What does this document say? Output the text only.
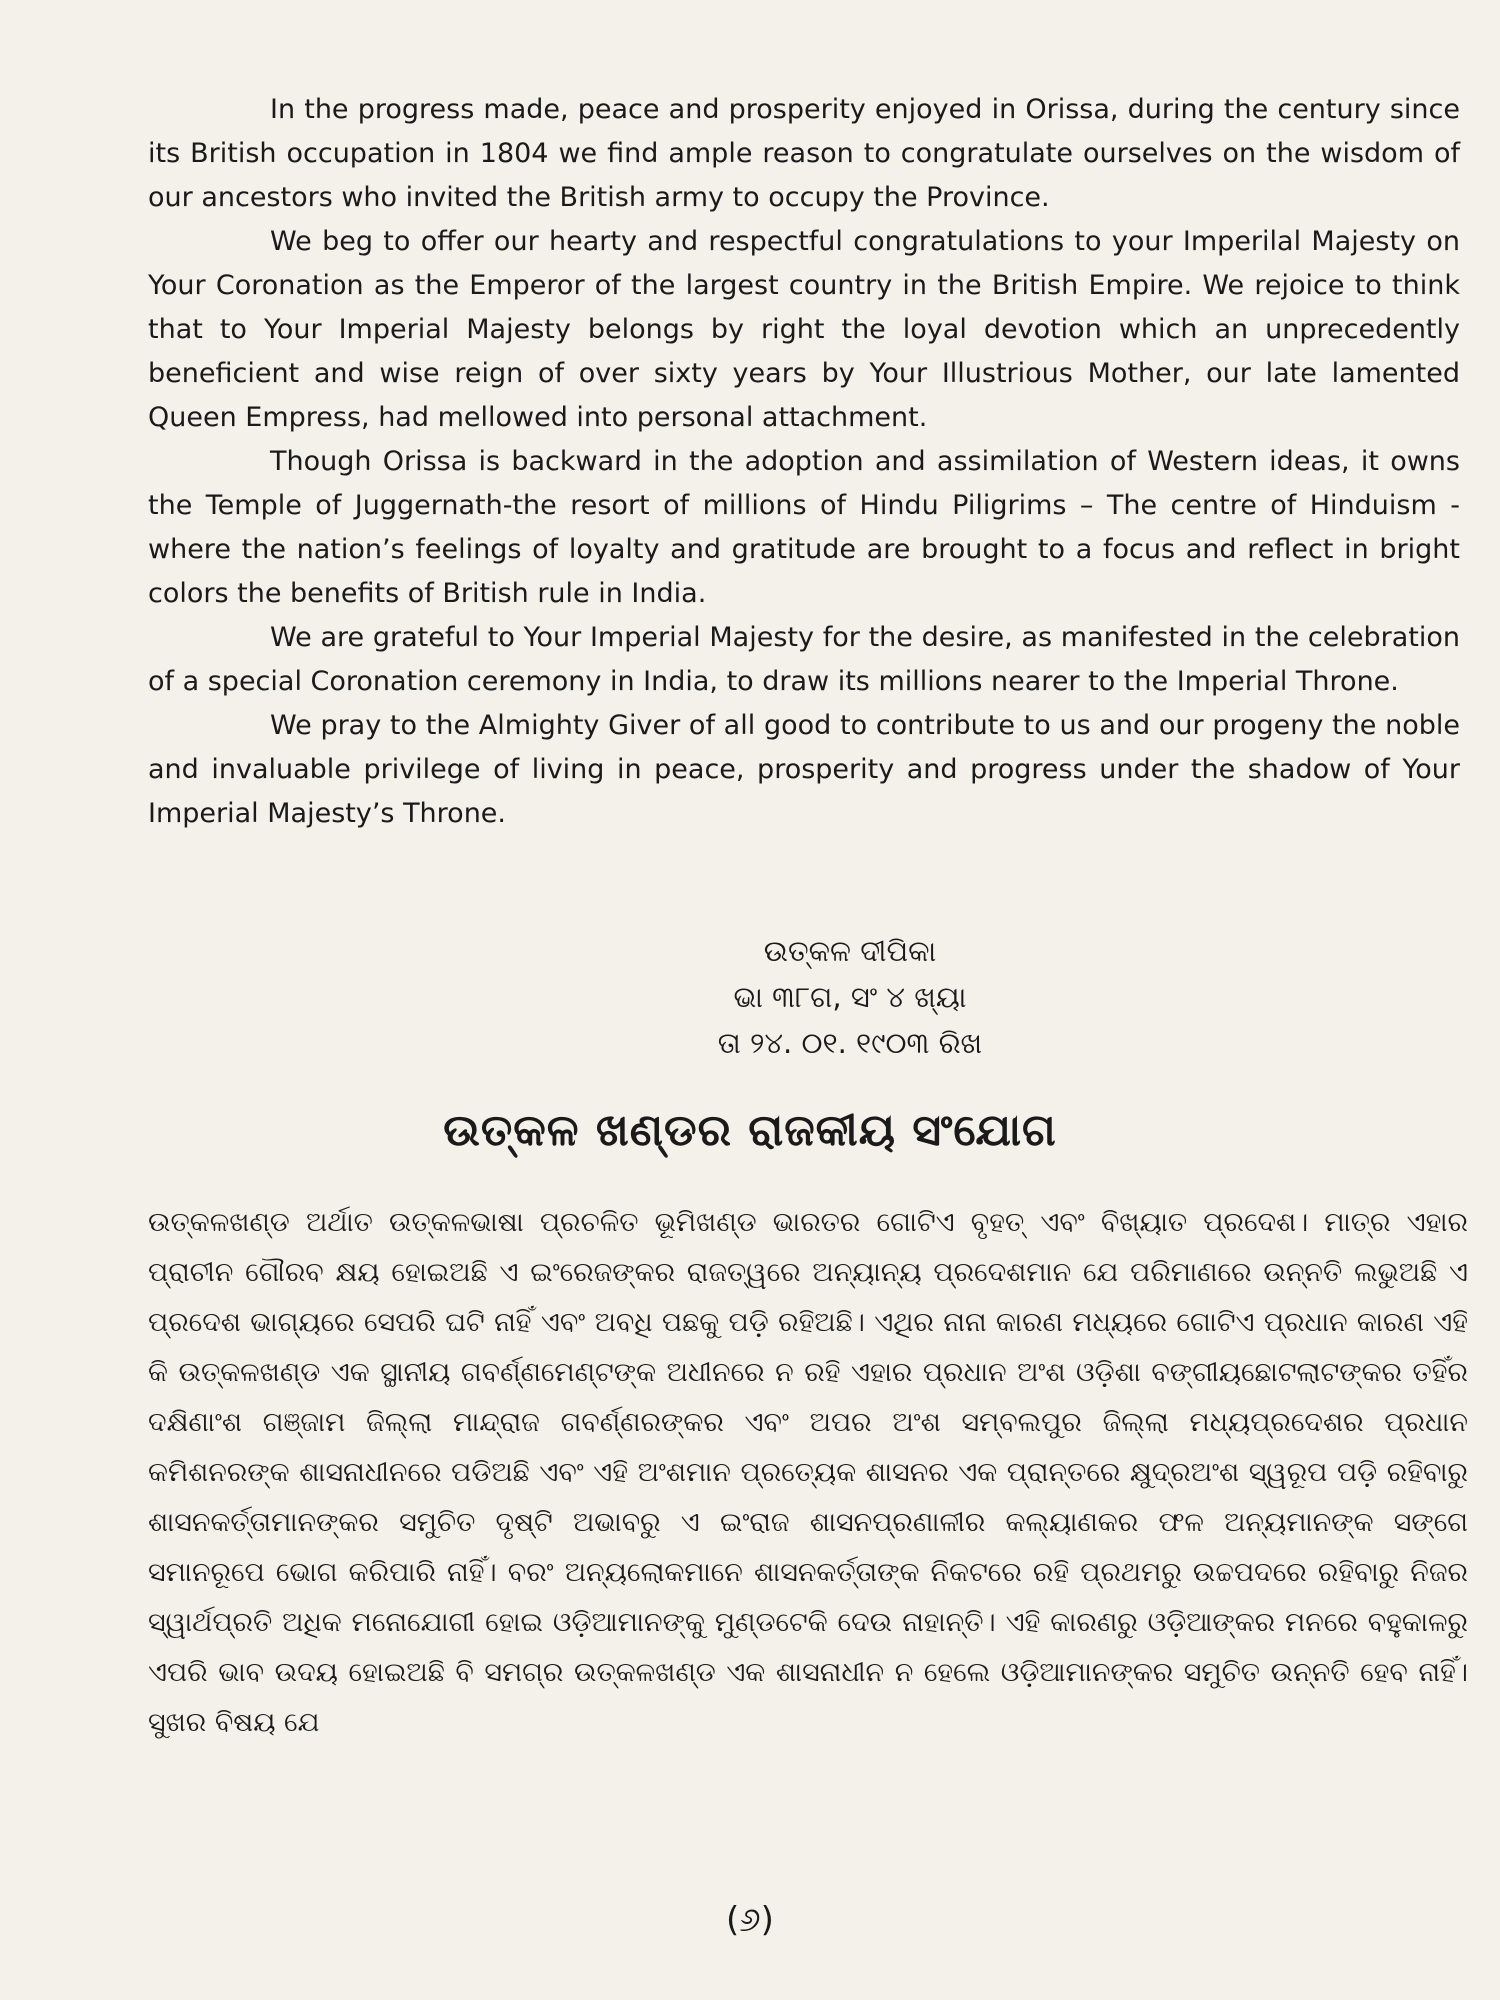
In the progress made, peace and prosperity enjoyed in Orissa, during the century since its British occupation in 1804 we find ample reason to congratulate ourselves on the wisdom of our ancestors who invited the British army to occupy the Province.

We beg to offer our hearty and respectful congratulations to your Imperilal Majesty on Your Coronation as the Emperor of the largest country in the British Empire. We rejoice to think that to Your Imperial Majesty belongs by right the loyal devotion which an unprecedently beneficient and wise reign of over sixty years by Your Illustrious Mother, our late lamented Queen Empress, had mellowed into personal attachment.

Though Orissa is backward in the adoption and assimilation of Western ideas, it owns the Temple of Juggernath-the resort of millions of Hindu Piligrims – The centre of Hinduism -where the nation’s feelings of loyalty and gratitude are brought to a focus and reflect in bright colors the benefits of British rule in India.

We are grateful to Your Imperial Majesty for the desire, as manifested in the celebration of a special Coronation ceremony in India, to draw its millions nearer to the Imperial Throne.

We pray to the Almighty Giver of all good to contribute to us and our progeny the noble and invaluable privilege of living in peace, prosperity and progress under the shadow of Your Imperial Majesty’s Throne.

ଉତ୍କଳ ଦୀପିକା
ଭା ୩୮ଗ, ସଂ ୪ ଖ୍ୟା
ତା ୨୪. ୦୧. ୧୯୦୩ ରିଖ
ଉତ୍କଳ ଖଣ୍ଡର ରାଜକୀୟ ସଂଯୋଗ

ଉତ୍କଳଖଣ୍ଡ ଅର୍ଥାତ ଉତ୍କଳଭାଷା ପ୍ରଚଳିତ ଭୂମିଖଣ୍ଡ ଭାରତର ଗୋଟିଏ ବୃହତ୍ ଏବଂ ବିଖ୍ୟାତ ପ୍ରଦେଶ। ମାତ୍ର ଏହାର ପ୍ରାଚୀନ ଗୌରବ କ୍ଷୟ ହୋଇଅଛି ଏ ଇଂରେଜଙ୍କର ରାଜତ୍ୱରେ ଅନ୍ୟାନ୍ୟ ପ୍ରଦେଶମାନ ଯେ ପରିମାଣରେ ଉନ୍ନତି ଲଭୁଅଛି ଏ ପ୍ରଦେଶ ଭାଗ୍ୟରେ ସେପରି ଘଟି ନାହିଁ ଏବଂ ଅବଧି ପଛକୁ ପଡ଼ି ରହିଅଛି। ଏଥିର ନାନା କାରଣ ମଧ୍ୟରେ ଗୋଟିଏ ପ୍ରଧାନ କାରଣ ଏହି କି ଉତ୍କଳଖଣ୍ଡ ଏକ ସ୍ଥାନୀୟ ଗବର୍ଣ୍ଣମେଣ୍ଟଙ୍କ ଅଧୀନରେ ନ ରହି ଏହାର ପ୍ରଧାନ ଅଂଶ ଓଡ଼ିଶା ବଙ୍ଗୀୟଛୋଟଲାଟଙ୍କର ତହିଁର ଦକ୍ଷିଣାଂଶ ଗଞ୍ଜାମ ଜିଲ୍ଲା ମାନ୍ଦ୍ରାଜ ଗବର୍ଣ୍ଣରଙ୍କର ଏବଂ ଅପର ଅଂଶ ସମ୍ବଲପୁର ଜିଲ୍ଲା ମଧ୍ୟପ୍ରଦେଶର ପ୍ରଧାନ କମିଶନରଙ୍କ ଶାସନାଧୀନରେ ପଡିଅଛି ଏବଂ ଏହି ଅଂଶମାନ ପ୍ରତ୍ୟେକ ଶାସନର ଏକ ପ୍ରାନ୍ତରେ କ୍ଷୁଦ୍ରଅଂଶ ସ୍ୱରୂପ ପଡ଼ି ରହିବାରୁ ଶାସନକର୍ତ୍ତାମାନଙ୍କର ସମୁଚିତ ଦୃଷ୍ଟି ଅଭାବରୁ ଏ ଇଂରାଜ ଶାସନପ୍ରଣାଳୀର କଲ୍ୟାଣକର ଫଳ ଅନ୍ୟମାନଙ୍କ ସଙ୍ଗେ ସମାନରୂପେ ଭୋଗ କରିପାରି ନାହିଁ। ବରଂ ଅନ୍ୟଲୋକମାନେ ଶାସନକର୍ତ୍ତାଙ୍କ ନିକଟରେ ରହି ପ୍ରଥମରୁ ଉଚ୍ଚପଦରେ ରହିବାରୁ ନିଜର ସ୍ୱାର୍ଥପ୍ରତି ଅଧିକ ମନୋଯୋଗୀ ହୋଇ ଓଡ଼ିଆମାନଙ୍କୁ ମୁଣ୍ଡଟେକି ଦେଉ ନାହାନ୍ତି। ଏହି କାରଣରୁ ଓଡ଼ିଆଙ୍କର ମନରେ ବହୁକାଳରୁ ଏପରି ଭାବ ଉଦୟ ହୋଇଅଛି ବି ସମଗ୍ର ଉତ୍କଳଖଣ୍ଡ ଏକ ଶାସନାଧୀନ ନ ହେଲେ ଓଡ଼ିଆମାନଙ୍କର ସମୁଚିତ ଉନ୍ନତି ହେବ ନାହିଁ। ସୁଖର ବିଷୟ ଯେ

(୬)
